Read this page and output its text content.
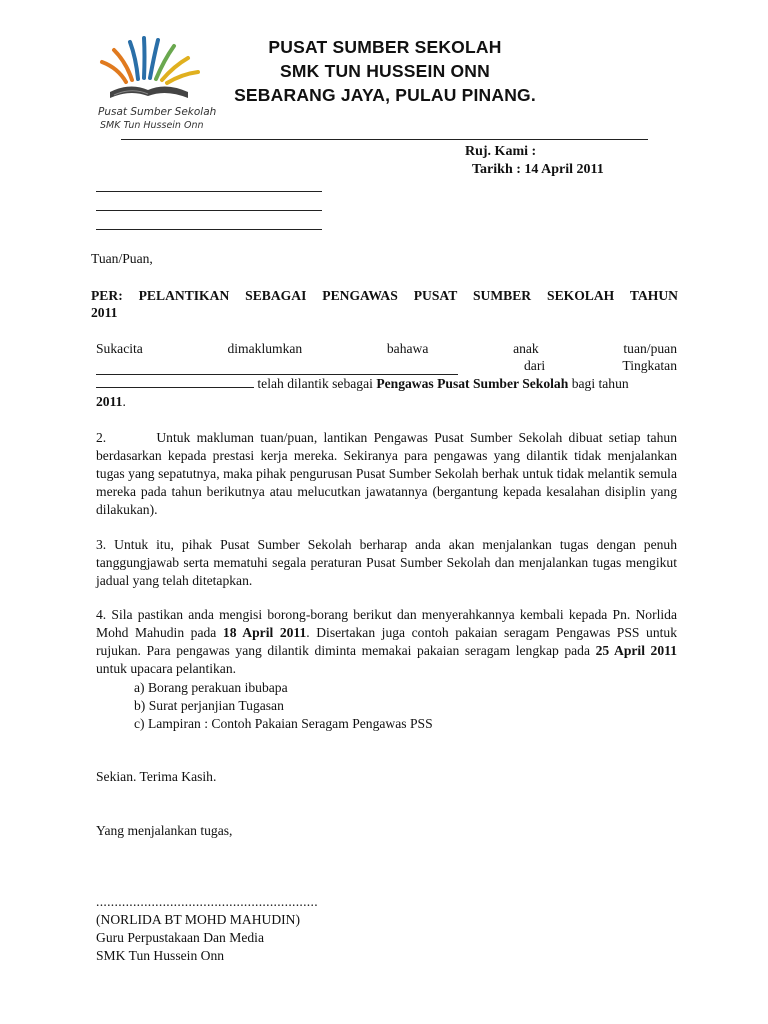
Pusat Sumber Sekolah
SMK Tun Hussein Onn
PUSAT SUMBER SEKOLAH
SMK TUN HUSSEIN ONN
SEBARANG JAYA, PULAU PINANG.
Ruj. Kami :
Tarikh : 14 April 2011
Tuan/Puan,
PER: PELANTIKAN SEBAGAI PENGAWAS PUSAT SUMBER SEKOLAH TAHUN
2011
Sukacita dimaklumkan bahawa anak tuan/puan
dari Tingkatan
telah dilantik sebagai Pengawas Pusat Sumber Sekolah bagi tahun
2011.
2.        Untuk makluman tuan/puan, lantikan Pengawas Pusat Sumber Sekolah dibuat setiap tahun berdasarkan kepada prestasi kerja mereka. Sekiranya para pengawas yang dilantik tidak menjalankan tugas yang sepatutnya, maka pihak pengurusan Pusat Sumber Sekolah berhak untuk tidak melantik semula mereka pada tahun berikutnya atau melucutkan jawatannya (bergantung kepada kesalahan disiplin yang dilakukan).
3. Untuk itu, pihak Pusat Sumber Sekolah berharap anda akan menjalankan tugas dengan penuh tanggungjawab serta mematuhi segala peraturan Pusat Sumber Sekolah dan menjalankan tugas mengikut jadual yang telah ditetapkan.
4. Sila pastikan anda mengisi borong-borang berikut dan menyerahkannya kembali kepada Pn. Norlida Mohd Mahudin pada 18 April 2011. Disertakan juga contoh pakaian seragam Pengawas PSS untuk rujukan. Para pengawas yang dilantik diminta memakai pakaian seragam lengkap pada 25 April 2011 untuk upacara pelantikan.
a) Borang perakuan ibubapa
b) Surat perjanjian Tugasan
c) Lampiran : Contoh Pakaian Seragam Pengawas PSS
Sekian. Terima Kasih.
Yang menjalankan tugas,
............................................................
(NORLIDA BT MOHD MAHUDIN)
Guru Perpustakaan Dan Media
SMK Tun Hussein Onn
